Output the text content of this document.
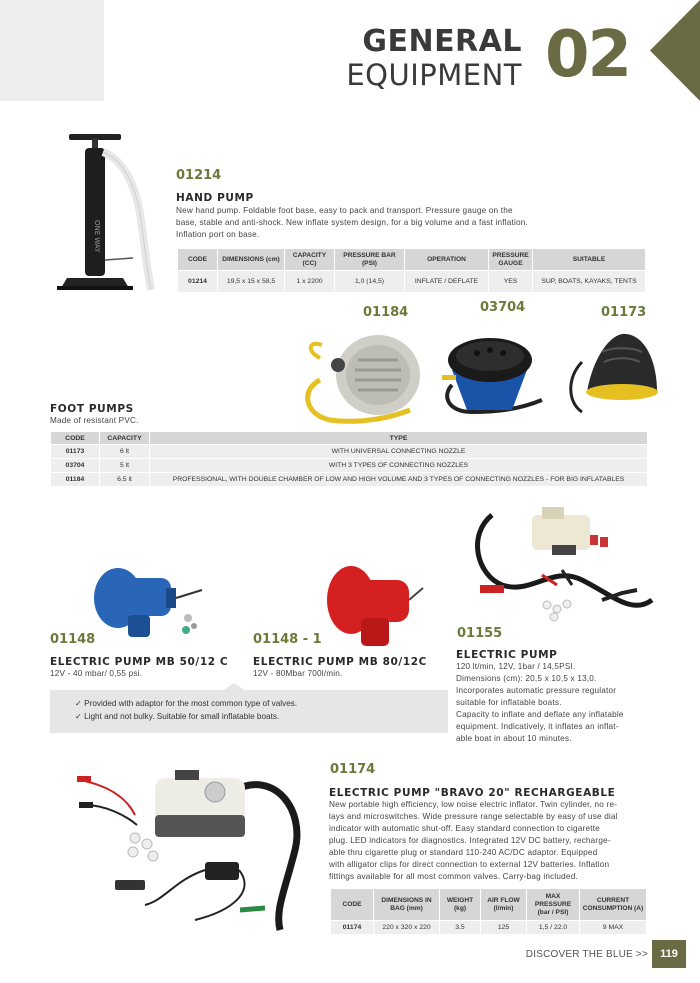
GENERAL
EQUIPMENT 02
ONE WAY
01214
HAND PUMP
New hand pump. Foldable foot base, easy to pack and transport. Pressure gauge on the
base, stable and anti-shock. New inflate system design, for a big volume and a fast inflation.
Inflation port on base.
CODE	DIMENSIONS (cm)	CAPACITY (CC)	PRESSURE BAR (PSI)	OPERATION	PRESSURE GAUGE	SUITABLE
01214	19,5 x 15 x 58,5	1 x 2200	1,0 (14,5)	INFLATE / DEFLATE	YES	SUP, BOATS, KAYAKS, TENTS
01184	03704	01173
FOOT PUMPS
Made of resistant PVC.
CODE	CAPACITY	TYPE
01173	6 lt	WITH UNIVERSAL CONNECTING NOZZLE
03704	5 lt	WITH 3 TYPES OF CONNECTING NOZZLES
01184	6.5 lt	PROFESSIONAL, WITH DOUBLE CHAMBER OF LOW AND HIGH VOLUME AND 3 TYPES OF CONNECTING NOZZLES - FOR BIG INFLATABLES
01148
ELECTRIC PUMP MB 50/12 C
12V - 40 mbar/ 0,55 psi.
01148 - 1
ELECTRIC PUMP MB 80/12C
12V - 80Mbar 700l/min.
✓ Provided with adaptor for the most common type of valves.
✓ Light and not bulky. Suitable for small inflatable boats.
01155
ELECTRIC PUMP
120 lt/min, 12V, 1bar / 14,5PSI.
Dimensions (cm): 20,5 x 10,5 x 13,0.
Incorporates automatic pressure regulator
suitable for inflatable boats.
Capacity to inflate and deflate any inflatable
equipment. Indicatively, it inflates an inflat-
able boat in about 10 minutes.
01174
ELECTRIC PUMP "BRAVO 20" RECHARGEABLE
New portable high efficiency, low noise electric inflator. Twin cylinder, no re-
lays and microswitches. Wide pressure range selectable by easy of use dial
indicator with automatic shut-off. Easy standard connection to cigarette
plug. LED indicators for diagnostics. Integrated 12V DC battery, recharge-
able thru cigarette plug or standard 110-240 AC/DC adaptor. Equipped
with alligator clips for direct connection to external 12V batteries. Inflation
fittings available for all most common valves. Carry-bag included.
CODE	DIMENSIONS IN BAG (mm)	WEIGHT (kg)	AIR FLOW (l/min)	MAX PRESSURE (bar / PSI)	CURRENT CONSUMPTION (A)
01174	220 x 320 x 220	3.5	125	1,5 / 22.0	9 MAX
DISCOVER THE BLUE >>	119
